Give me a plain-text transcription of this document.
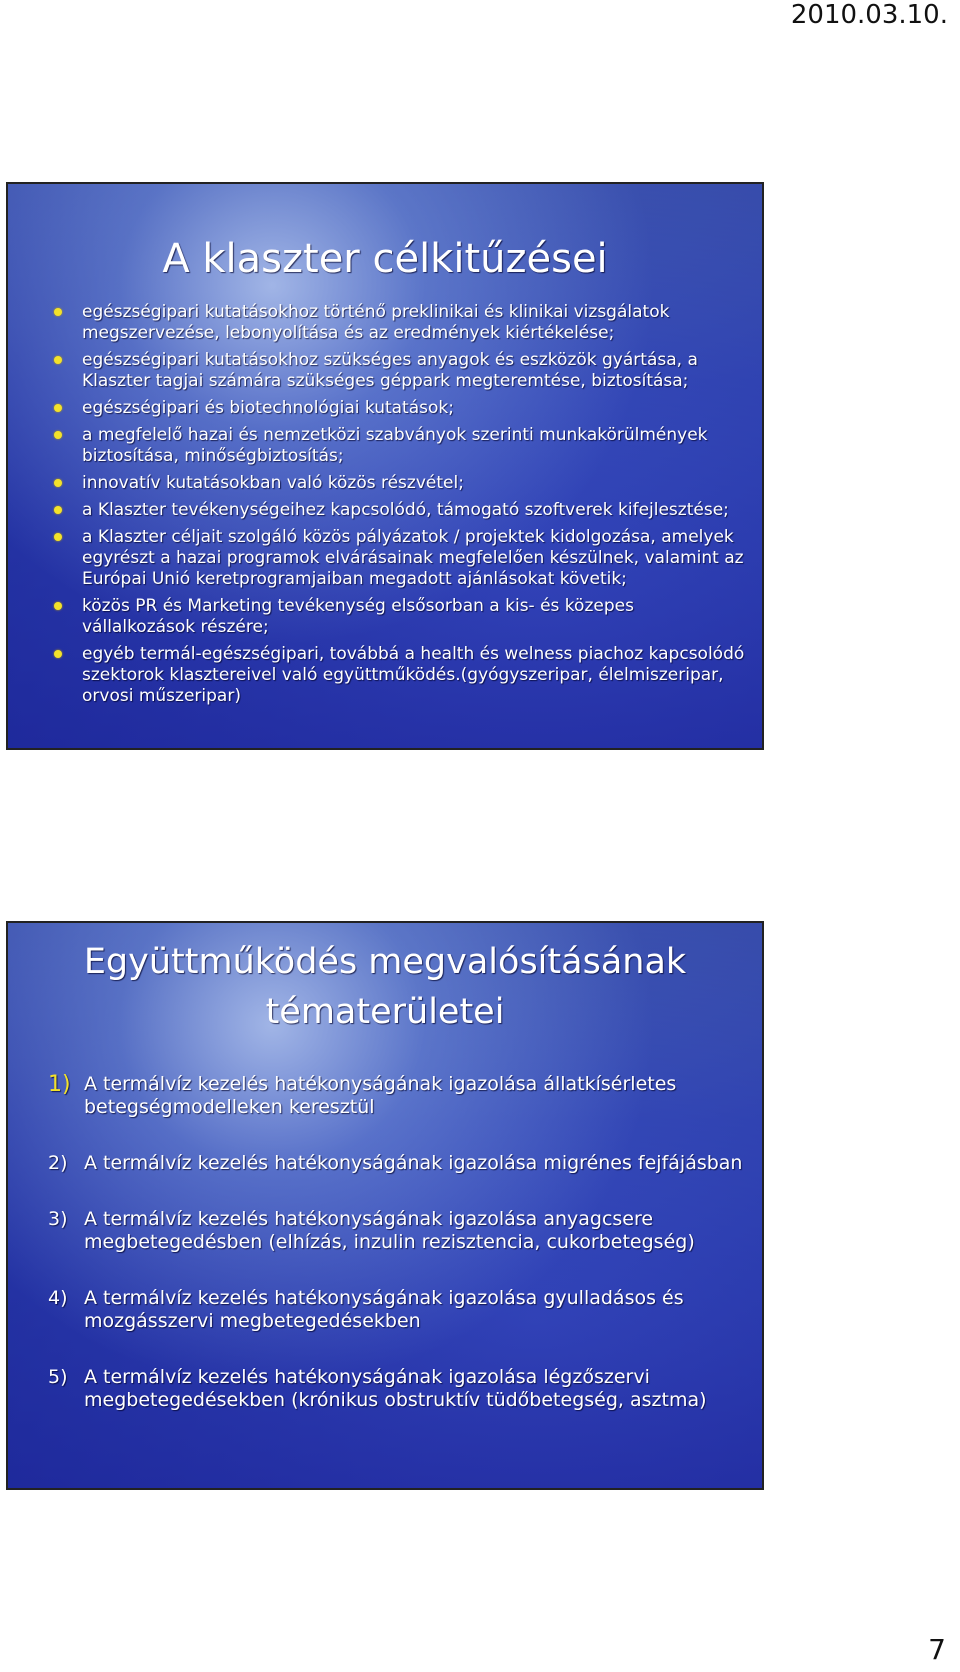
2010.03.10.
A klaszter célkitűzései
egészségipari kutatásokhoz történő preklinikai és klinikai vizsgálatok megszervezése, lebonyolítása és az eredmények kiértékelése;
egészségipari kutatásokhoz szükséges anyagok és eszközök gyártása, a Klaszter tagjai számára szükséges géppark megteremtése, biztosítása;
egészségipari és biotechnológiai kutatások;
a megfelelő hazai és nemzetközi szabványok szerinti munkakörülmények biztosítása, minőségbiztosítás;
innovatív kutatásokban való közös részvétel;
a Klaszter tevékenységeihez kapcsolódó, támogató szoftverek kifejlesztése;
a Klaszter céljait szolgáló közös pályázatok / projektek kidolgozása, amelyek egyrészt a hazai programok elvárásainak megfelelően készülnek, valamint az Európai Unió keretprogramjaiban megadott ajánlásokat követik;
közös PR és Marketing tevékenység elsősorban a kis- és közepes vállalkozások részére;
egyéb termál-egészségipari, továbbá a health és welness piachoz kapcsolódó szektorok klasztereivel való együttműködés.(gyógyszeripar, élelmiszeripar, orvosi műszeripar)
Együttműködés megvalósításának
tématerületei
1) A termálvíz kezelés hatékonyságának igazolása állatkísérletes betegségmodelleken keresztül
2) A termálvíz kezelés hatékonyságának igazolása migrénes fejfájásban
3) A termálvíz kezelés hatékonyságának igazolása anyagcsere megbetegedésben (elhízás, inzulin rezisztencia, cukorbetegség)
4) A termálvíz kezelés hatékonyságának igazolása gyulladásos és mozgásszervi megbetegedésekben
5) A termálvíz kezelés hatékonyságának igazolása légzőszervi megbetegedésekben (krónikus obstruktív tüdőbetegség, asztma)
7
